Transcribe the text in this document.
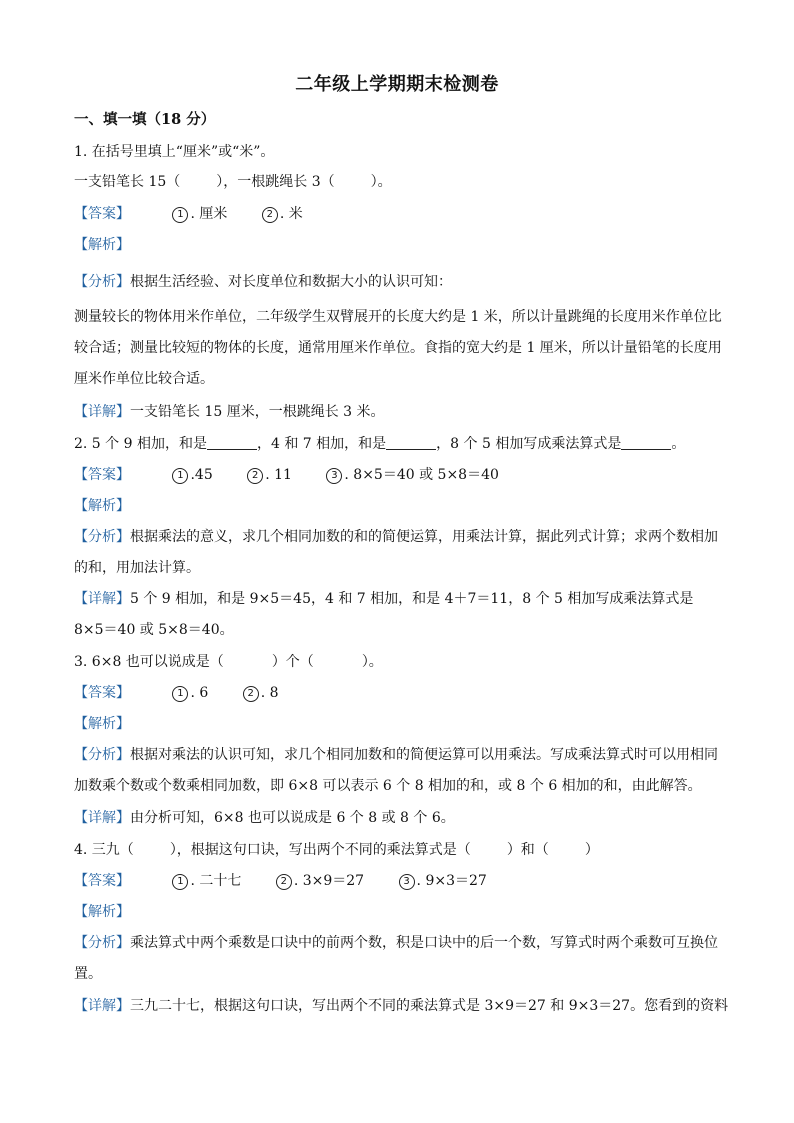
二年级上学期期末检测卷
一、填一填（18 分）
1. 在括号里填上“厘米”或“米”。
一支铅笔长 15（	），一根跳绳长 3（	）。
【答案】	1 . 厘米	2 . 米
【解析】
【分析】根据生活经验、对长度单位和数据大小的认识可知：
测量较长的物体用米作单位，二年级学生双臂展开的长度大约是 1 米，所以计量跳绳的长度用米作单位比较合适；测量比较短的物体的长度，通常用厘米作单位。食指的宽大约是 1 厘米，所以计量铅笔的长度用厘米作单位比较合适。
【详解】一支铅笔长 15 厘米，一根跳绳长 3 米。
2. 5 个 9 相加，和是	，4 和 7 相加，和是	，8 个 5 相加写成乘法算式是	。
【答案】	1 .45	2 . 11	3 . 8×5＝40 或 5×8＝40
【解析】
【分析】根据乘法的意义，求几个相同加数的和的简便运算，用乘法计算，据此列式计算；求两个数相加的和，用加法计算。
【详解】5 个 9 相加，和是 9×5＝45，4 和 7 相加，和是 4＋7＝11，8 个 5 相加写成乘法算式是 8×5＝40 或 5×8＝40。
3. 6×8 也可以说成是（	）个（	）。
【答案】	1 . 6	2 . 8
【解析】
【分析】根据对乘法的认识可知，求几个相同加数和的简便运算可以用乘法。写成乘法算式时可以用相同加数乘个数或个数乘相同加数，即 6×8 可以表示 6 个 8 相加的和，或 8 个 6 相加的和，由此解答。
【详解】由分析可知，6×8 也可以说成是 6 个 8 或 8 个 6。
4. 三九（	），根据这句口诀，写出两个不同的乘法算式是（	）和（	）
【答案】	1 . 二十七	2 . 3×9＝27	3 . 9×3＝27
【解析】
【分析】乘法算式中两个乘数是口诀中的前两个数，积是口诀中的后一个数，写算式时两个乘数可互换位置。
【详解】三九二十七，根据这句口诀，写出两个不同的乘法算式是 3×9＝27 和 9×3＝27。您看到的资料
